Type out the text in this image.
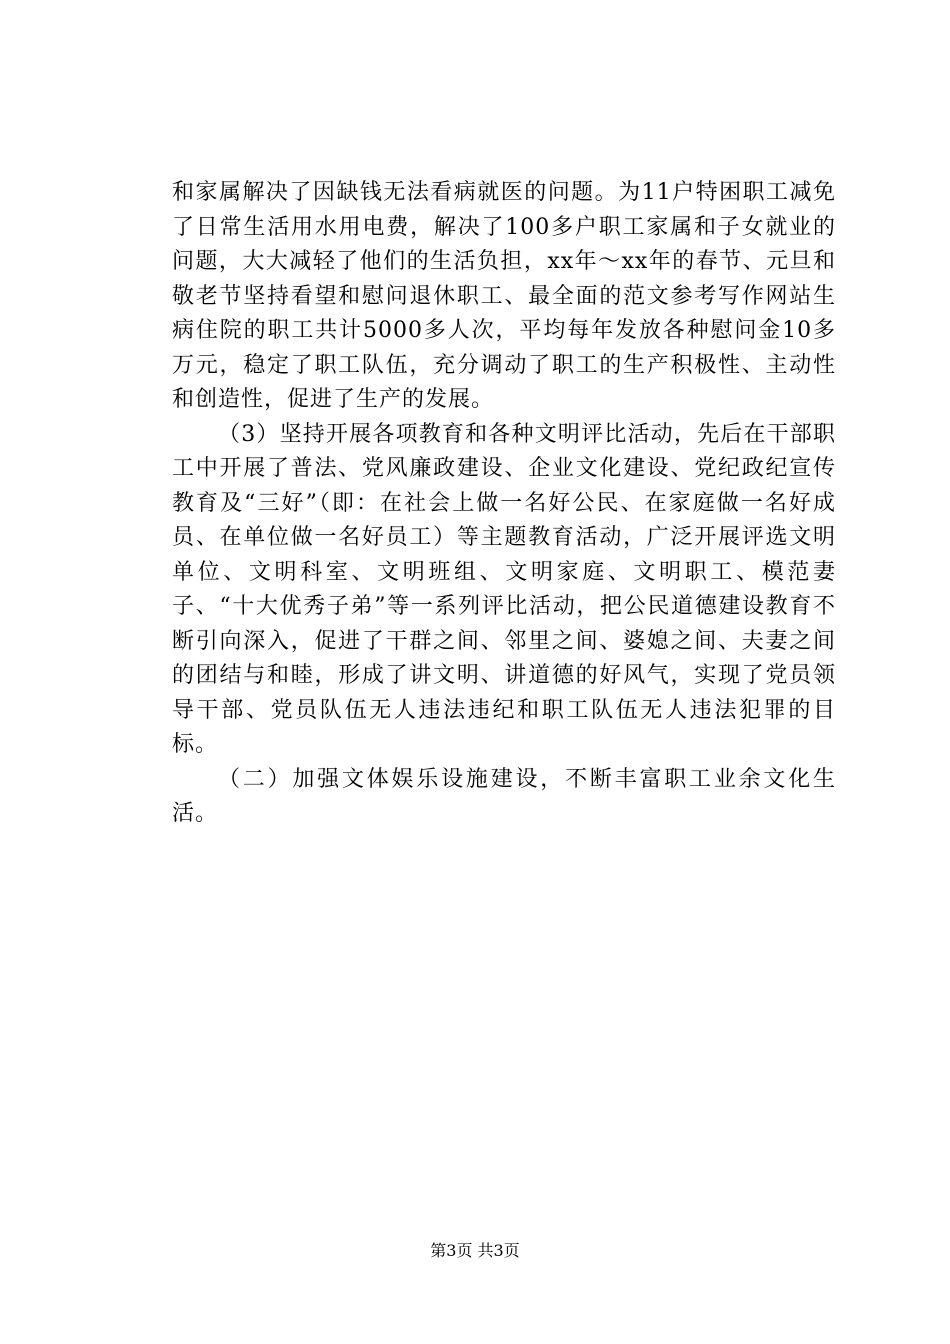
和家属解决了因缺钱无法看病就医的问题。为11户特困职工减免了日常生活用水用电费，解决了100多户职工家属和子女就业的问题，大大减轻了他们的生活负担，xx年～xx年的春节、元旦和敬老节坚持看望和慰问退休职工、最全面的范文参考写作网站生病住院的职工共计5000多人次，平均每年发放各种慰问金10多万元，稳定了职工队伍，充分调动了职工的生产积极性、主动性和创造性，促进了生产的发展。

（3）坚持开展各项教育和各种文明评比活动，先后在干部职工中开展了普法、党风廉政建设、企业文化建设、党纪政纪宣传教育及“三好”（即：在社会上做一名好公民、在家庭做一名好成员、在单位做一名好员工）等主题教育活动，广泛开展评选文明单位、文明科室、文明班组、文明家庭、文明职工、模范妻子、“十大优秀子弟”等一系列评比活动，把公民道德建设教育不断引向深入，促进了干群之间、邻里之间、婆媳之间、夫妻之间的团结与和睦，形成了讲文明、讲道德的好风气，实现了党员领导干部、党员队伍无人违法违纪和职工队伍无人违法犯罪的目标。

（二）加强文体娱乐设施建设，不断丰富职工业余文化生活。

第3页 共3页
